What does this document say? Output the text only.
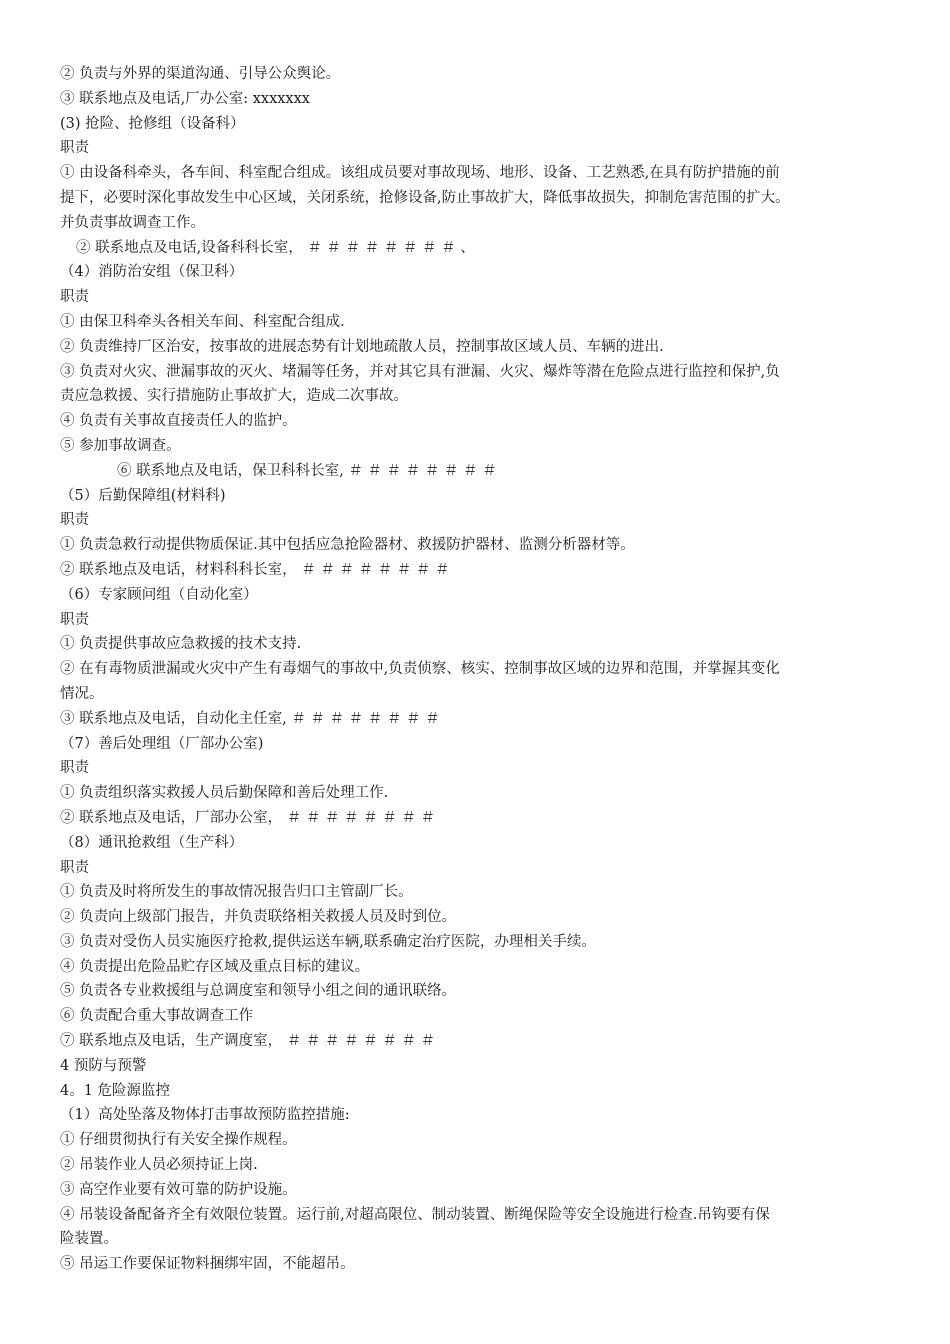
② 负责与外界的渠道沟通、引导公众舆论。
③ 联系地点及电话,厂办公室: xxxxxxx
(3) 抢险、抢修组（设备科）
职责
① 由设备科牵头，各车间、科室配合组成。该组成员要对事故现场、地形、设备、工艺熟悉,在具有防护措施的前
提下，必要时深化事故发生中心区域，关闭系统，抢修设备,防止事故扩大，降低事故损失，抑制危害范围的扩大。
并负责事故调查工作。
② 联系地点及电话,设备科科长室， ＃ ＃ ＃ ＃ ＃ ＃ ＃ ＃ 、
（4）消防治安组（保卫科）
职责
① 由保卫科牵头各相关车间、科室配合组成.
② 负责维持厂区治安，按事故的进展态势有计划地疏散人员，控制事故区域人员、车辆的进出.
③ 负责对火灾、泄漏事故的灭火、堵漏等任务，并对其它具有泄漏、火灾、爆炸等潜在危险点进行监控和保护,负
责应急救援、实行措施防止事故扩大，造成二次事故。
④ 负责有关事故直接责任人的监护。
⑤ 参加事故调查。
⑥ 联系地点及电话，保卫科科长室, ＃ ＃ ＃ ＃ ＃ ＃ ＃ ＃
（5）后勤保障组(材料科)
职责
① 负责急救行动提供物质保证.其中包括应急抢险器材、救援防护器材、监测分析器材等。
② 联系地点及电话，材料科科长室， ＃ ＃ ＃ ＃ ＃ ＃ ＃ ＃
（6）专家顾问组（自动化室）
职责
① 负责提供事故应急救援的技术支持.
② 在有毒物质泄漏或火灾中产生有毒烟气的事故中,负责侦察、核实、控制事故区域的边界和范围，并掌握其变化
情况。
③ 联系地点及电话，自动化主任室, ＃ ＃ ＃ ＃ ＃ ＃ ＃ ＃
（7）善后处理组（厂部办公室)
职责
① 负责组织落实救援人员后勤保障和善后处理工作.
② 联系地点及电话，厂部办公室， ＃ ＃ ＃ ＃ ＃ ＃ ＃ ＃
（8）通讯抢救组（生产科）
职责
① 负责及时将所发生的事故情况报告归口主管副厂长。
② 负责向上级部门报告，并负责联络相关救援人员及时到位。
③ 负责对受伤人员实施医疗抢救,提供运送车辆,联系确定治疗医院，办理相关手续。
④ 负责提出危险品贮存区域及重点目标的建议。
⑤ 负责各专业救援组与总调度室和领导小组之间的通讯联络。
⑥ 负责配合重大事故调查工作
⑦ 联系地点及电话，生产调度室， ＃ ＃ ＃ ＃ ＃ ＃ ＃ ＃
4 预防与预警
4。1 危险源监控
（1）高处坠落及物体打击事故预防监控措施:
① 仔细贯彻执行有关安全操作规程。
② 吊装作业人员必须持证上岗.
③ 高空作业要有效可靠的防护设施。
④ 吊装设备配备齐全有效限位装置。运行前,对超高限位、制动装置、断绳保险等安全设施进行检查.吊钩要有保
险装置。
⑤ 吊运工作要保证物料捆绑牢固，不能超吊。
